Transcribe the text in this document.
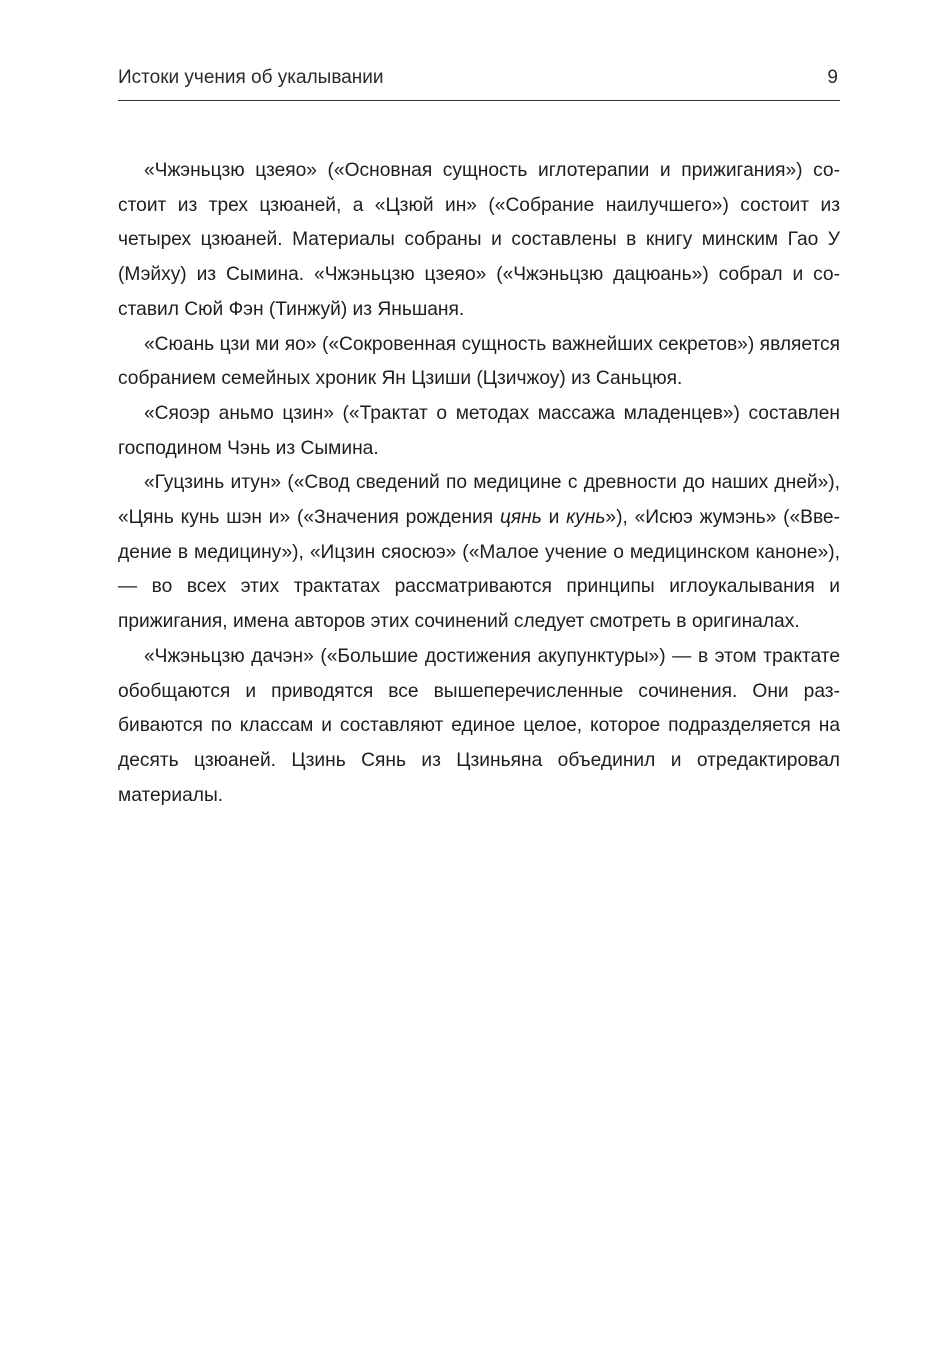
Истоки учения об укалывании	9

«Чжэньцзю цзеяо» («Основная сущность иглотерапии и прижигания») состоит из трех цзюаней, а «Цзюй ин» («Собрание наилучшего») состоит из четырех цзюаней. Материалы собраны и составлены в книгу минским Гао У (Мэйху) из Сымина. «Чжэньцзю цзеяо» («Чжэньцзю дацюань») собрал и составил Сюй Фэн (Тинжуй) из Яньшаня.

«Сюань цзи ми яо» («Сокровенная сущность важнейших секретов») является собранием семейных хроник Ян Цзиши (Цзичжоу) из Саньцюя.

«Сяоэр аньмо цзин» («Трактат о методах массажа младенцев») составлен господином Чэнь из Сымина.

«Гуцзинь итун» («Свод сведений по медицине с древности до наших дней»), «Цянь кунь шэн и» («Значения рождения цянь и кунь»), «Исюэ жумэнь» («Введение в медицину»), «Ицзин сяосюэ» («Малое учение о медицинском каноне»), — во всех этих трактатах рассматриваются принципы иглоукалывания и прижигания, имена авторов этих сочинений следует смотреть в оригиналах.

«Чжэньцзю дачэн» («Большие достижения акупунктуры») — в этом трактате обобщаются и приводятся все вышеперечисленные сочинения. Они разбиваются по классам и составляют единое целое, которое подразделяется на десять цзюаней. Цзинь Сянь из Цзиньяна объединил и отредактировал материалы.
